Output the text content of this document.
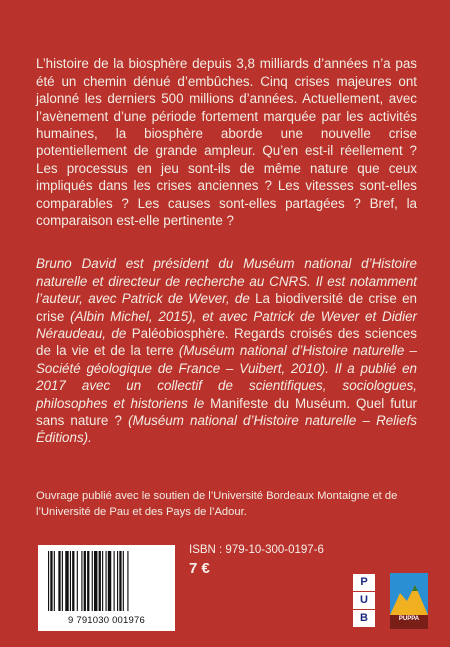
L’histoire de la biosphère depuis 3,8 milliards d’années n’a pas été un chemin dénué d’embûches. Cinq crises majeures ont jalonné les derniers 500 millions d’années. Actuellement, avec l’avènement d’une période fortement marquée par les activités humaines, la biosphère aborde une nouvelle crise potentiellement de grande ampleur. Qu’en est-il réellement ? Les processus en jeu sont-ils de même nature que ceux impliqués dans les crises anciennes ? Les vitesses sont-elles comparables ? Les causes sont-elles partagées ? Bref, la comparaison est-elle pertinente ?

Bruno David est président du Muséum national d’Histoire naturelle et directeur de recherche au CNRS. Il est notamment l’auteur, avec Patrick de Wever, de La biodiversité de crise en crise (Albin Michel, 2015), et avec Patrick de Wever et Didier Néraudeau, de Paléobiosphère. Regards croisés des sciences de la vie et de la terre (Muséum national d’Histoire naturelle – Société géologique de France – Vuibert, 2010). Il a publié en 2017 avec un collectif de scientifiques, sociologues, philosophes et historiens le Manifeste du Muséum. Quel futur sans nature ? (Muséum national d’Histoire naturelle – Reliefs Éditions).

Ouvrage publié avec le soutien de l’Université Bordeaux Montaigne et de l’Université de Pau et des Pays de l’Adour.

9 791030 001976
ISBN : 979-10-300-0197-6
7 €
P
U
B	PUPPA
